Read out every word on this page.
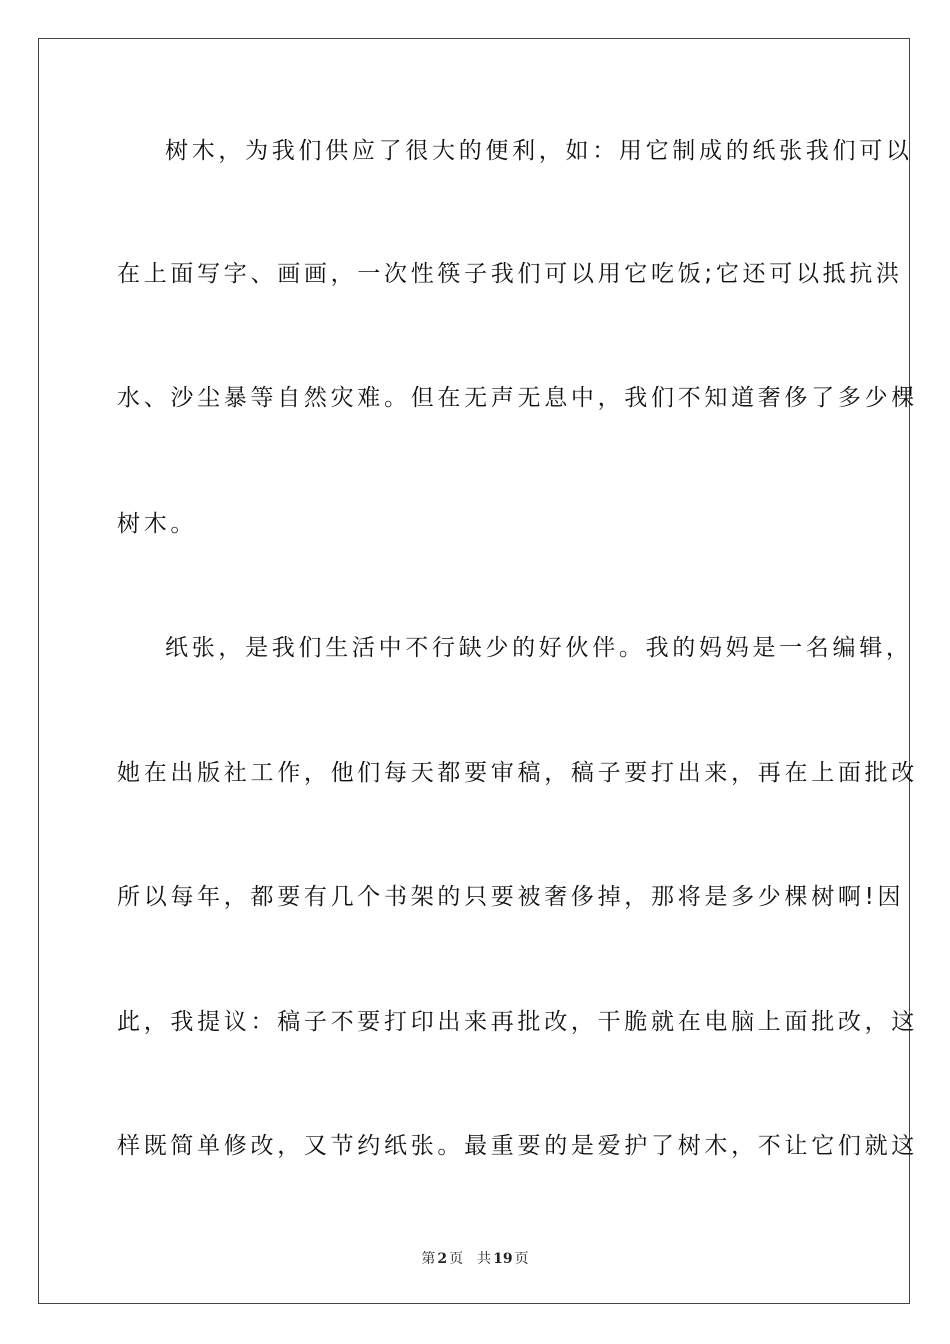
树木，为我们供应了很大的便利，如：用它制成的纸张我们可以
在上面写字、画画，一次性筷子我们可以用它吃饭;它还可以抵抗洪
水、沙尘暴等自然灾难。但在无声无息中，我们不知道奢侈了多少棵
树木。
纸张，是我们生活中不行缺少的好伙伴。我的妈妈是一名编辑，
她在出版社工作，他们每天都要审稿，稿子要打出来，再在上面批改
所以每年，都要有几个书架的只要被奢侈掉，那将是多少棵树啊!因
此，我提议：稿子不要打印出来再批改，干脆就在电脑上面批改，这
样既简单修改，又节约纸张。最重要的是爱护了树木，不让它们就这
第 2 页 共 19 页
